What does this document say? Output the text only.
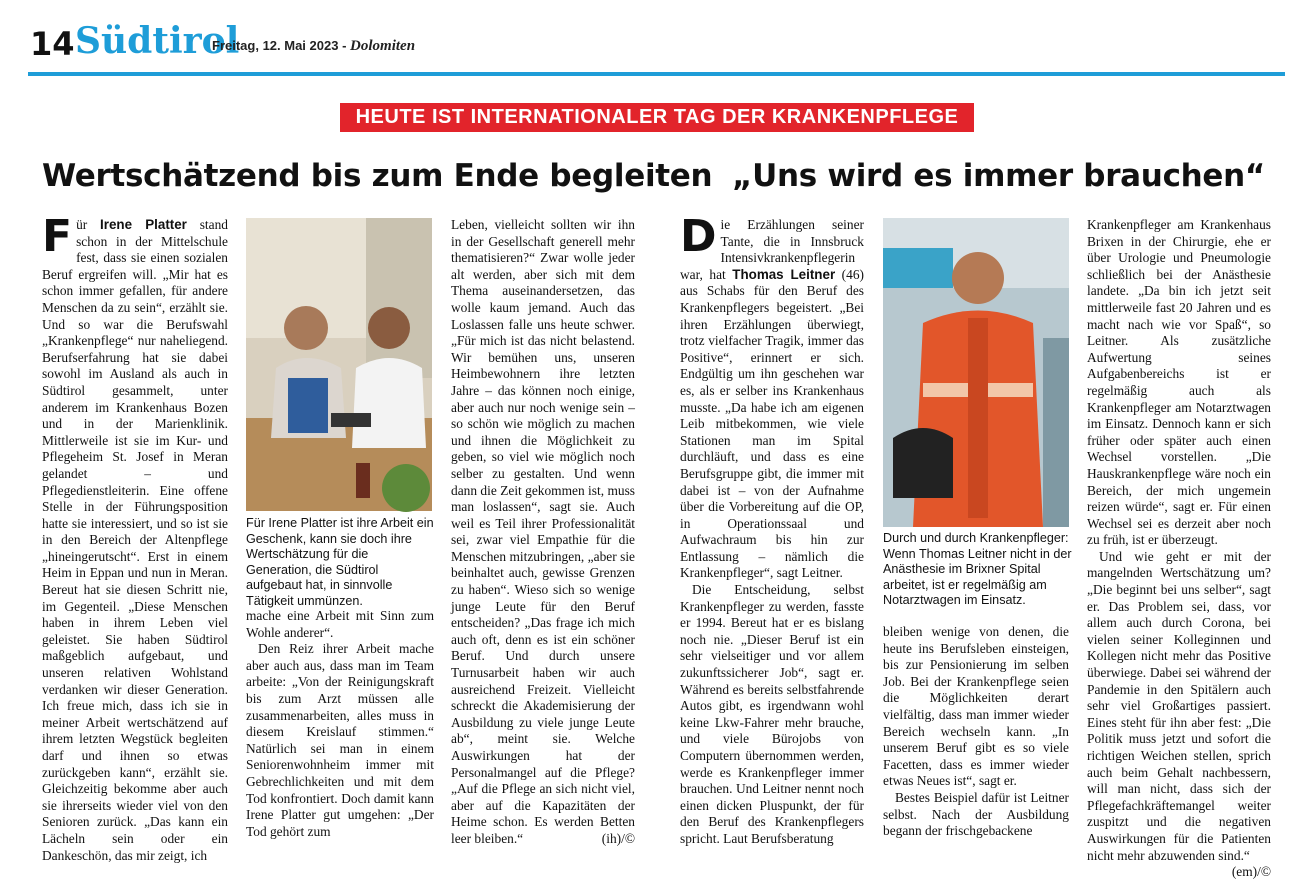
14 Südtirol
Freitag, 12. Mai 2023 - Dolomiten
HEUTE IST INTERNATIONALER TAG DER KRANKENPFLEGE
Wertschätzend bis zum Ende begleiten „Uns wird es immer brauchen“
F ür Irene Platter stand schon in der Mittelschule fest, dass sie einen sozialen Beruf ergreifen will. „Mir hat es schon immer gefallen, für andere Menschen da zu sein“, erzählt sie. Und so war die Berufswahl „Krankenpflege“ nur naheliegend. Berufserfahrung hat sie dabei sowohl im Ausland als auch in Südtirol gesammelt, unter anderem im Krankenhaus Bozen und in der Marienklinik. Mittlerweile ist sie im Kur- und Pflegeheim St. Josef in Meran gelandet – und Pflegedienstleiterin. Eine offene Stelle in der Führungsposition hatte sie interessiert, und so ist sie in den Bereich der Altenpflege „hineingerutscht“. Erst in einem Heim in Eppan und nun in Meran. Bereut hat sie diesen Schritt nie, im Gegenteil. „Diese Menschen haben in ihrem Leben viel geleistet. Sie haben Südtirol maßgeblich aufgebaut, und unseren relativen Wohlstand verdanken wir dieser Generation. Ich freue mich, dass ich sie in meiner Arbeit wertschätzend auf ihrem letzten Wegstück begleiten darf und ihnen so etwas zurückgeben kann“, erzählt sie. Gleichzeitig bekomme aber auch sie ihrerseits wieder viel von den Senioren zurück. „Das kann ein Lächeln sein oder ein Dankeschön, das mir zeigt, ich
Für Irene Platter ist ihre Arbeit ein Geschenk, kann sie doch ihre Wertschätzung für die Generation, die Südtirol aufgebaut hat, in sinnvolle Tätigkeit ummünzen.

mache eine Arbeit mit Sinn zum Wohle anderer“.

Den Reiz ihrer Arbeit mache aber auch aus, dass man im Team arbeite: „Von der Reinigungskraft bis zum Arzt müssen alle zusammenarbeiten, alles muss in diesem Kreislauf stimmen.“ Natürlich sei man in einem Seniorenwohnheim immer mit Gebrechlichkeiten und mit dem Tod konfrontiert. Doch damit kann Irene Platter gut umgehen: „Der Tod gehört zum

Leben, vielleicht sollten wir ihn in der Gesellschaft generell mehr thematisieren?“ Zwar wolle jeder alt werden, aber sich mit dem Thema auseinandersetzen, das wolle kaum jemand. Auch das Loslassen falle uns heute schwer. „Für mich ist das nicht belastend. Wir bemühen uns, unseren Heimbewohnern ihre letzten Jahre – das können noch einige, aber auch nur noch wenige sein – so schön wie möglich zu machen und ihnen die Möglichkeit zu geben, so viel wie möglich noch selber zu gestalten. Und wenn dann die Zeit gekommen ist, muss man loslassen“, sagt sie. Auch weil es Teil ihrer Professionalität sei, zwar viel Empathie für die Menschen mitzubringen, „aber sie beinhaltet auch, gewisse Grenzen zu haben“. Wieso sich so wenige junge Leute für den Beruf entscheiden? „Das frage ich mich auch oft, denn es ist ein schöner Beruf. Und durch unsere Turnusarbeit haben wir auch ausreichend Freizeit. Vielleicht schreckt die Akademisierung der Ausbildung zu viele junge Leute ab“, meint sie. Welche Auswirkungen hat der Personalmangel auf die Pflege? „Auf die Pflege an sich nicht viel, aber auf die Kapazitäten der Heime schon. Es werden Betten leer bleiben.“	(ih)/©
D ie Erzählungen seiner Tante, die in Innsbruck Intensivkrankenpflegerin war, hat Thomas Leitner (46) aus Schabs für den Beruf des Krankenpflegers begeistert. „Bei ihren Erzählungen überwiegt, trotz vielfacher Tragik, immer das Positive“, erinnert er sich. Endgültig um ihn geschehen war es, als er selber ins Krankenhaus musste. „Da habe ich am eigenen Leib mitbekommen, wie viele Stationen man im Spital durchläuft, und dass es eine Berufsgruppe gibt, die immer mit dabei ist – von der Aufnahme über die Vorbereitung auf die OP, in Operationssaal und Aufwachraum bis hin zur Entlassung – nämlich die Krankenpfleger“, sagt Leitner.

Die Entscheidung, selbst Krankenpfleger zu werden, fasste er 1994. Bereut hat er es bislang noch nie. „Dieser Beruf ist ein sehr vielseitiger und vor allem zukunftssicherer Job“, sagt er. Während es bereits selbstfahrende Autos gibt, es irgendwann wohl keine Lkw-Fahrer mehr brauche, und viele Bürojobs von Computern übernommen werden, werde es Krankenpfleger immer brauchen. Und Leitner nennt noch einen dicken Pluspunkt, der für den Beruf des Krankenpflegers spricht. Laut Berufsberatung

Durch und durch Krankenpfleger: Wenn Thomas Leitner nicht in der Anästhesie im Brixner Spital arbeitet, ist er regelmäßig am Notarztwagen im Einsatz.

bleiben wenige von denen, die heute ins Berufsleben einsteigen, bis zur Pensionierung im selben Job. Bei der Krankenpflege seien die Möglichkeiten derart vielfältig, dass man immer wieder Bereich wechseln kann. „In unserem Beruf gibt es so viele Facetten, dass es immer wieder etwas Neues ist“, sagt er.

Bestes Beispiel dafür ist Leitner selbst. Nach der Ausbildung begann der frischgebackene

Krankenpfleger am Krankenhaus Brixen in der Chirurgie, ehe er über Urologie und Pneumologie schließlich bei der Anästhesie landete. „Da bin ich jetzt seit mittlerweile fast 20 Jahren und es macht nach wie vor Spaß“, so Leitner. Als zusätzliche Aufwertung seines Aufgabenbereichs ist er regelmäßig auch als Krankenpfleger am Notarztwagen im Einsatz. Dennoch kann er sich früher oder später auch einen Wechsel vorstellen. „Die Hauskrankenpflege wäre noch ein Bereich, der mich ungemein reizen würde“, sagt er. Für einen Wechsel sei es derzeit aber noch zu früh, ist er überzeugt.

Und wie geht er mit der mangelnden Wertschätzung um? „Die beginnt bei uns selber“, sagt er. Das Problem sei, dass, vor allem auch durch Corona, bei vielen seiner Kolleginnen und Kollegen nicht mehr das Positive überwiege. Dabei sei während der Pandemie in den Spitälern auch sehr viel Großartiges passiert. Eines steht für ihn aber fest: „Die Politik muss jetzt und sofort die richtigen Weichen stellen, sprich auch beim Gehalt nachbessern, will man nicht, dass sich der Pflegefachkräftemangel weiter zuspitzt und die negativen Auswirkungen für die Patienten nicht mehr abzuwenden sind.“
(em)/©
